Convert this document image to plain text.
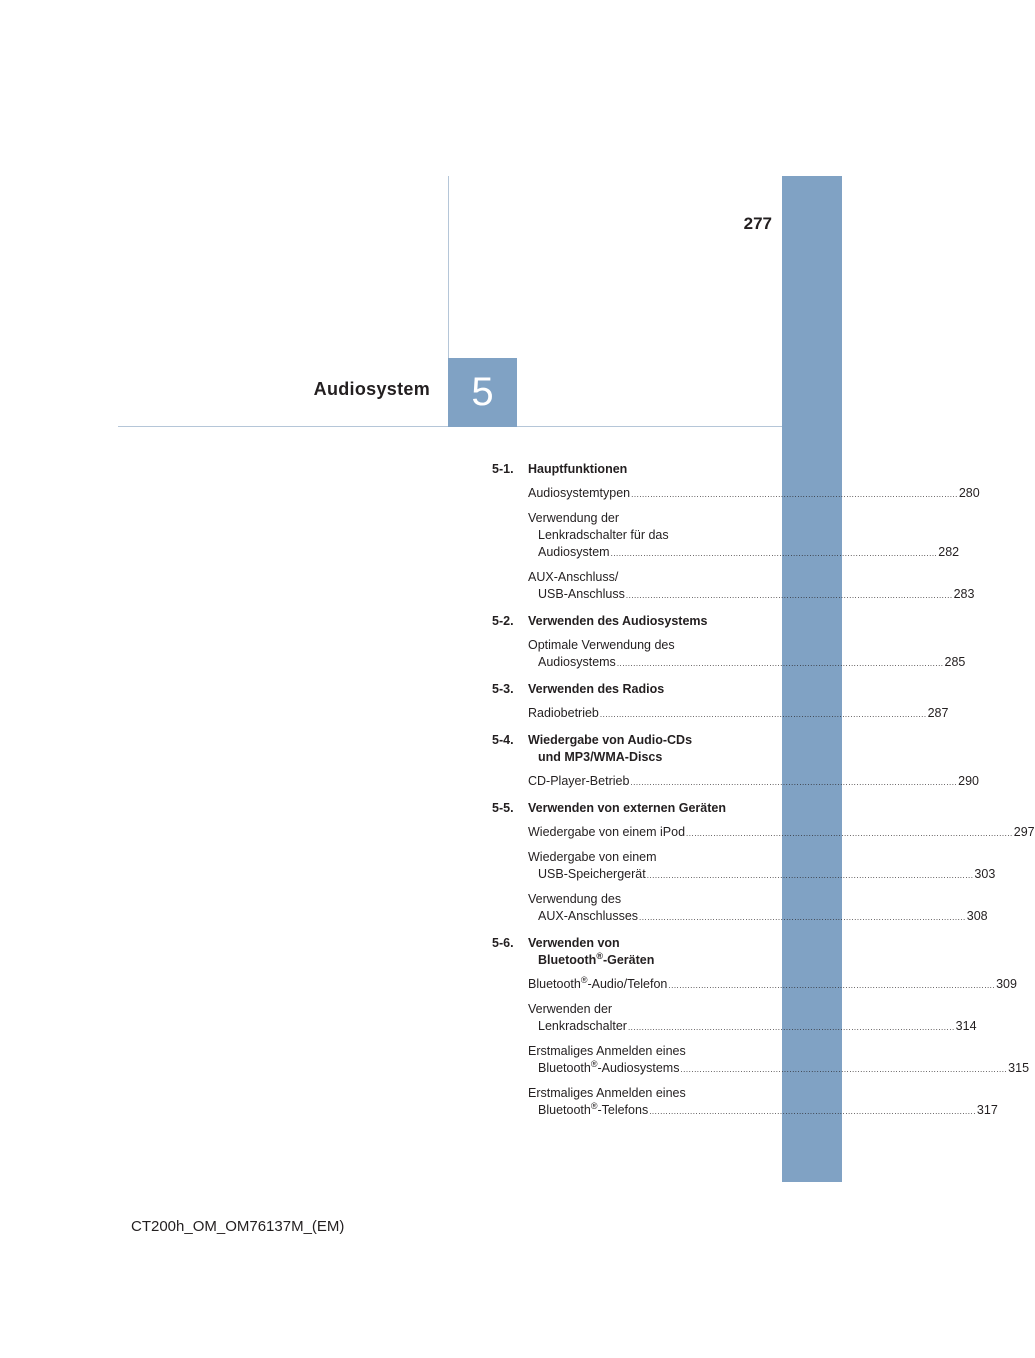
277
Audiosystem	5
5-1. Hauptfunktionen
Audiosystemtypen ........................................................................................................................ 280
Verwendung der
Lenkradschalter für das
Audiosystem ........................................................................................................................ 282
AUX-Anschluss/
USB-Anschluss ........................................................................................................................ 283
5-2. Verwenden des Audiosystems
Optimale Verwendung des
Audiosystems ........................................................................................................................ 285
5-3. Verwenden des Radios
Radiobetrieb ........................................................................................................................ 287
5-4. Wiedergabe von Audio-CDs
und MP3/WMA-Discs
CD-Player-Betrieb ........................................................................................................................ 290
5-5. Verwenden von externen Geräten
Wiedergabe von einem iPod ........................................................................................................................ 297
Wiedergabe von einem
USB-Speichergerät ........................................................................................................................ 303
Verwendung des
AUX-Anschlusses ........................................................................................................................ 308
5-6. Verwenden von
Bluetooth®-Geräten
Bluetooth®-Audio/Telefon ........................................................................................................................ 309
Verwenden der
Lenkradschalter ........................................................................................................................ 314
Erstmaliges Anmelden eines
Bluetooth®-Audiosystems ........................................................................................................................ 315
Erstmaliges Anmelden eines
Bluetooth®-Telefons ........................................................................................................................ 317
CT200h_OM_OM76137M_(EM)
